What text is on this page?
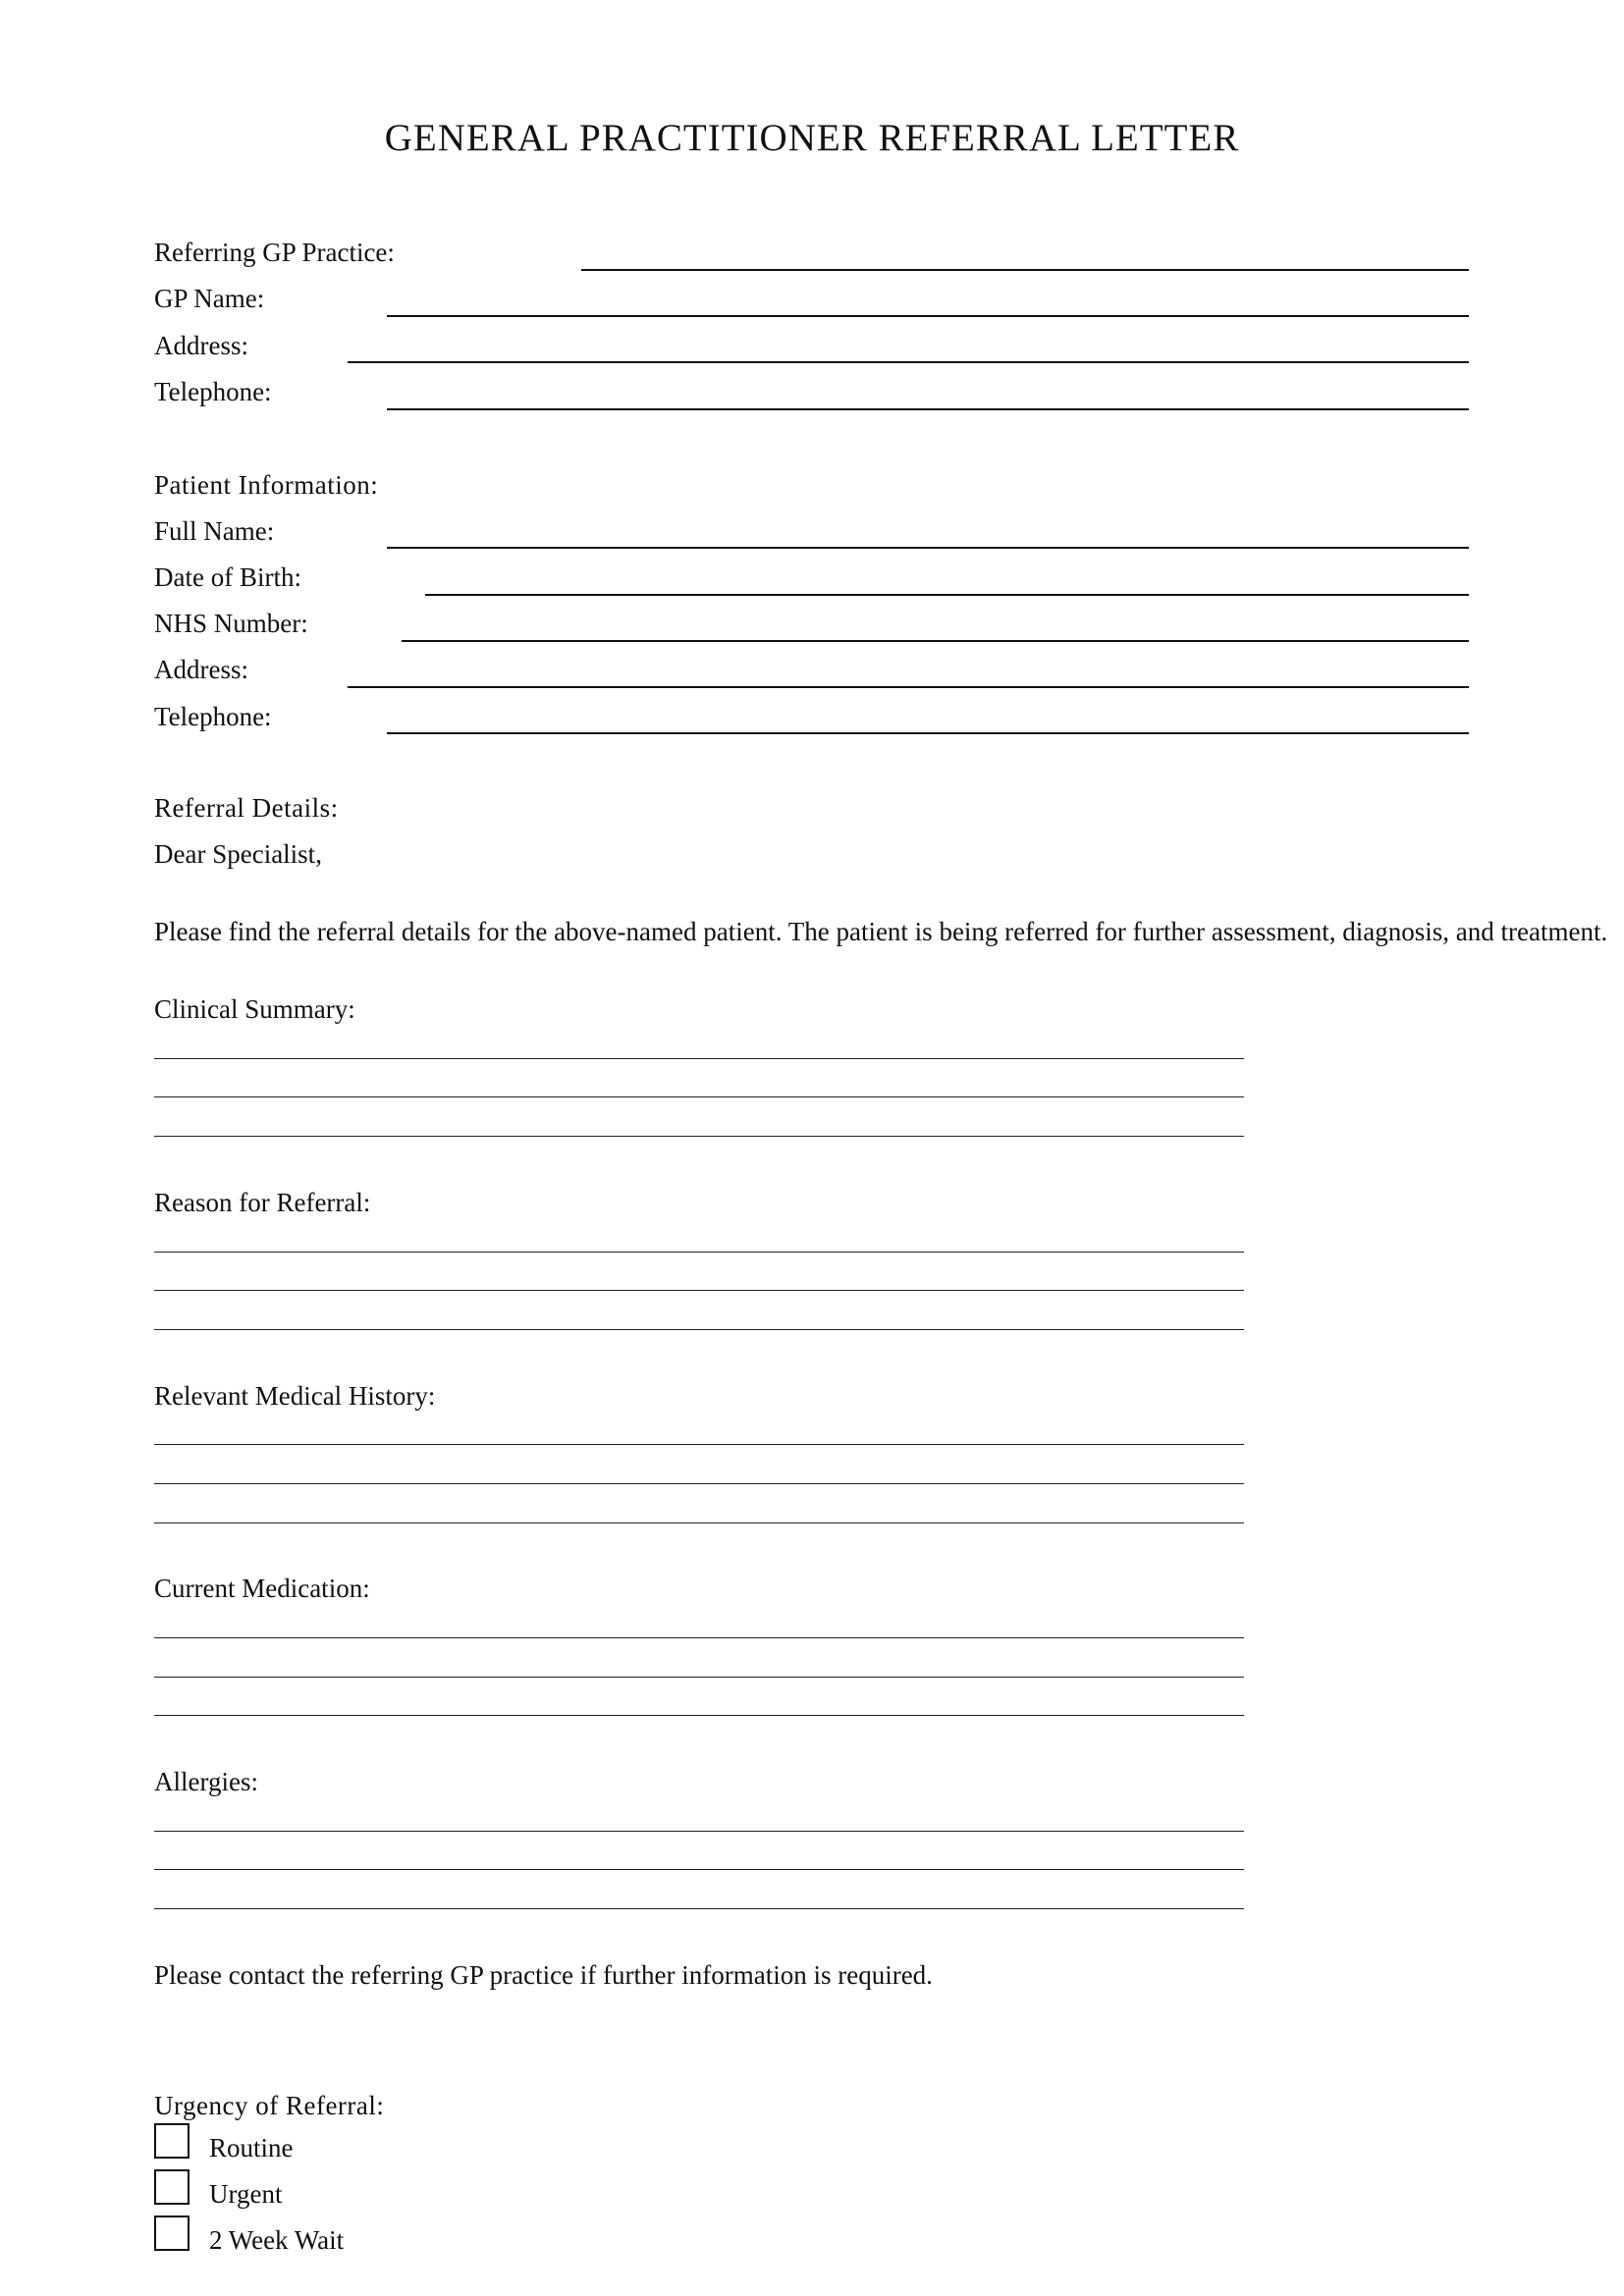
GENERAL PRACTITIONER REFERRAL LETTER
Referring GP Practice:
GP Name:
Address:
Telephone:
Patient Information:
Full Name:
Date of Birth:
NHS Number:
Address:
Telephone:
Referral Details:
Dear Specialist,
Please find the referral details for the above-named patient. The patient is being referred for further assessment, diagnosis, and treatment.
Clinical Summary:
Reason for Referral:
Relevant Medical History:
Current Medication:
Allergies:
Please contact the referring GP practice if further information is required.
Urgency of Referral:
Routine
Urgent
2 Week Wait
